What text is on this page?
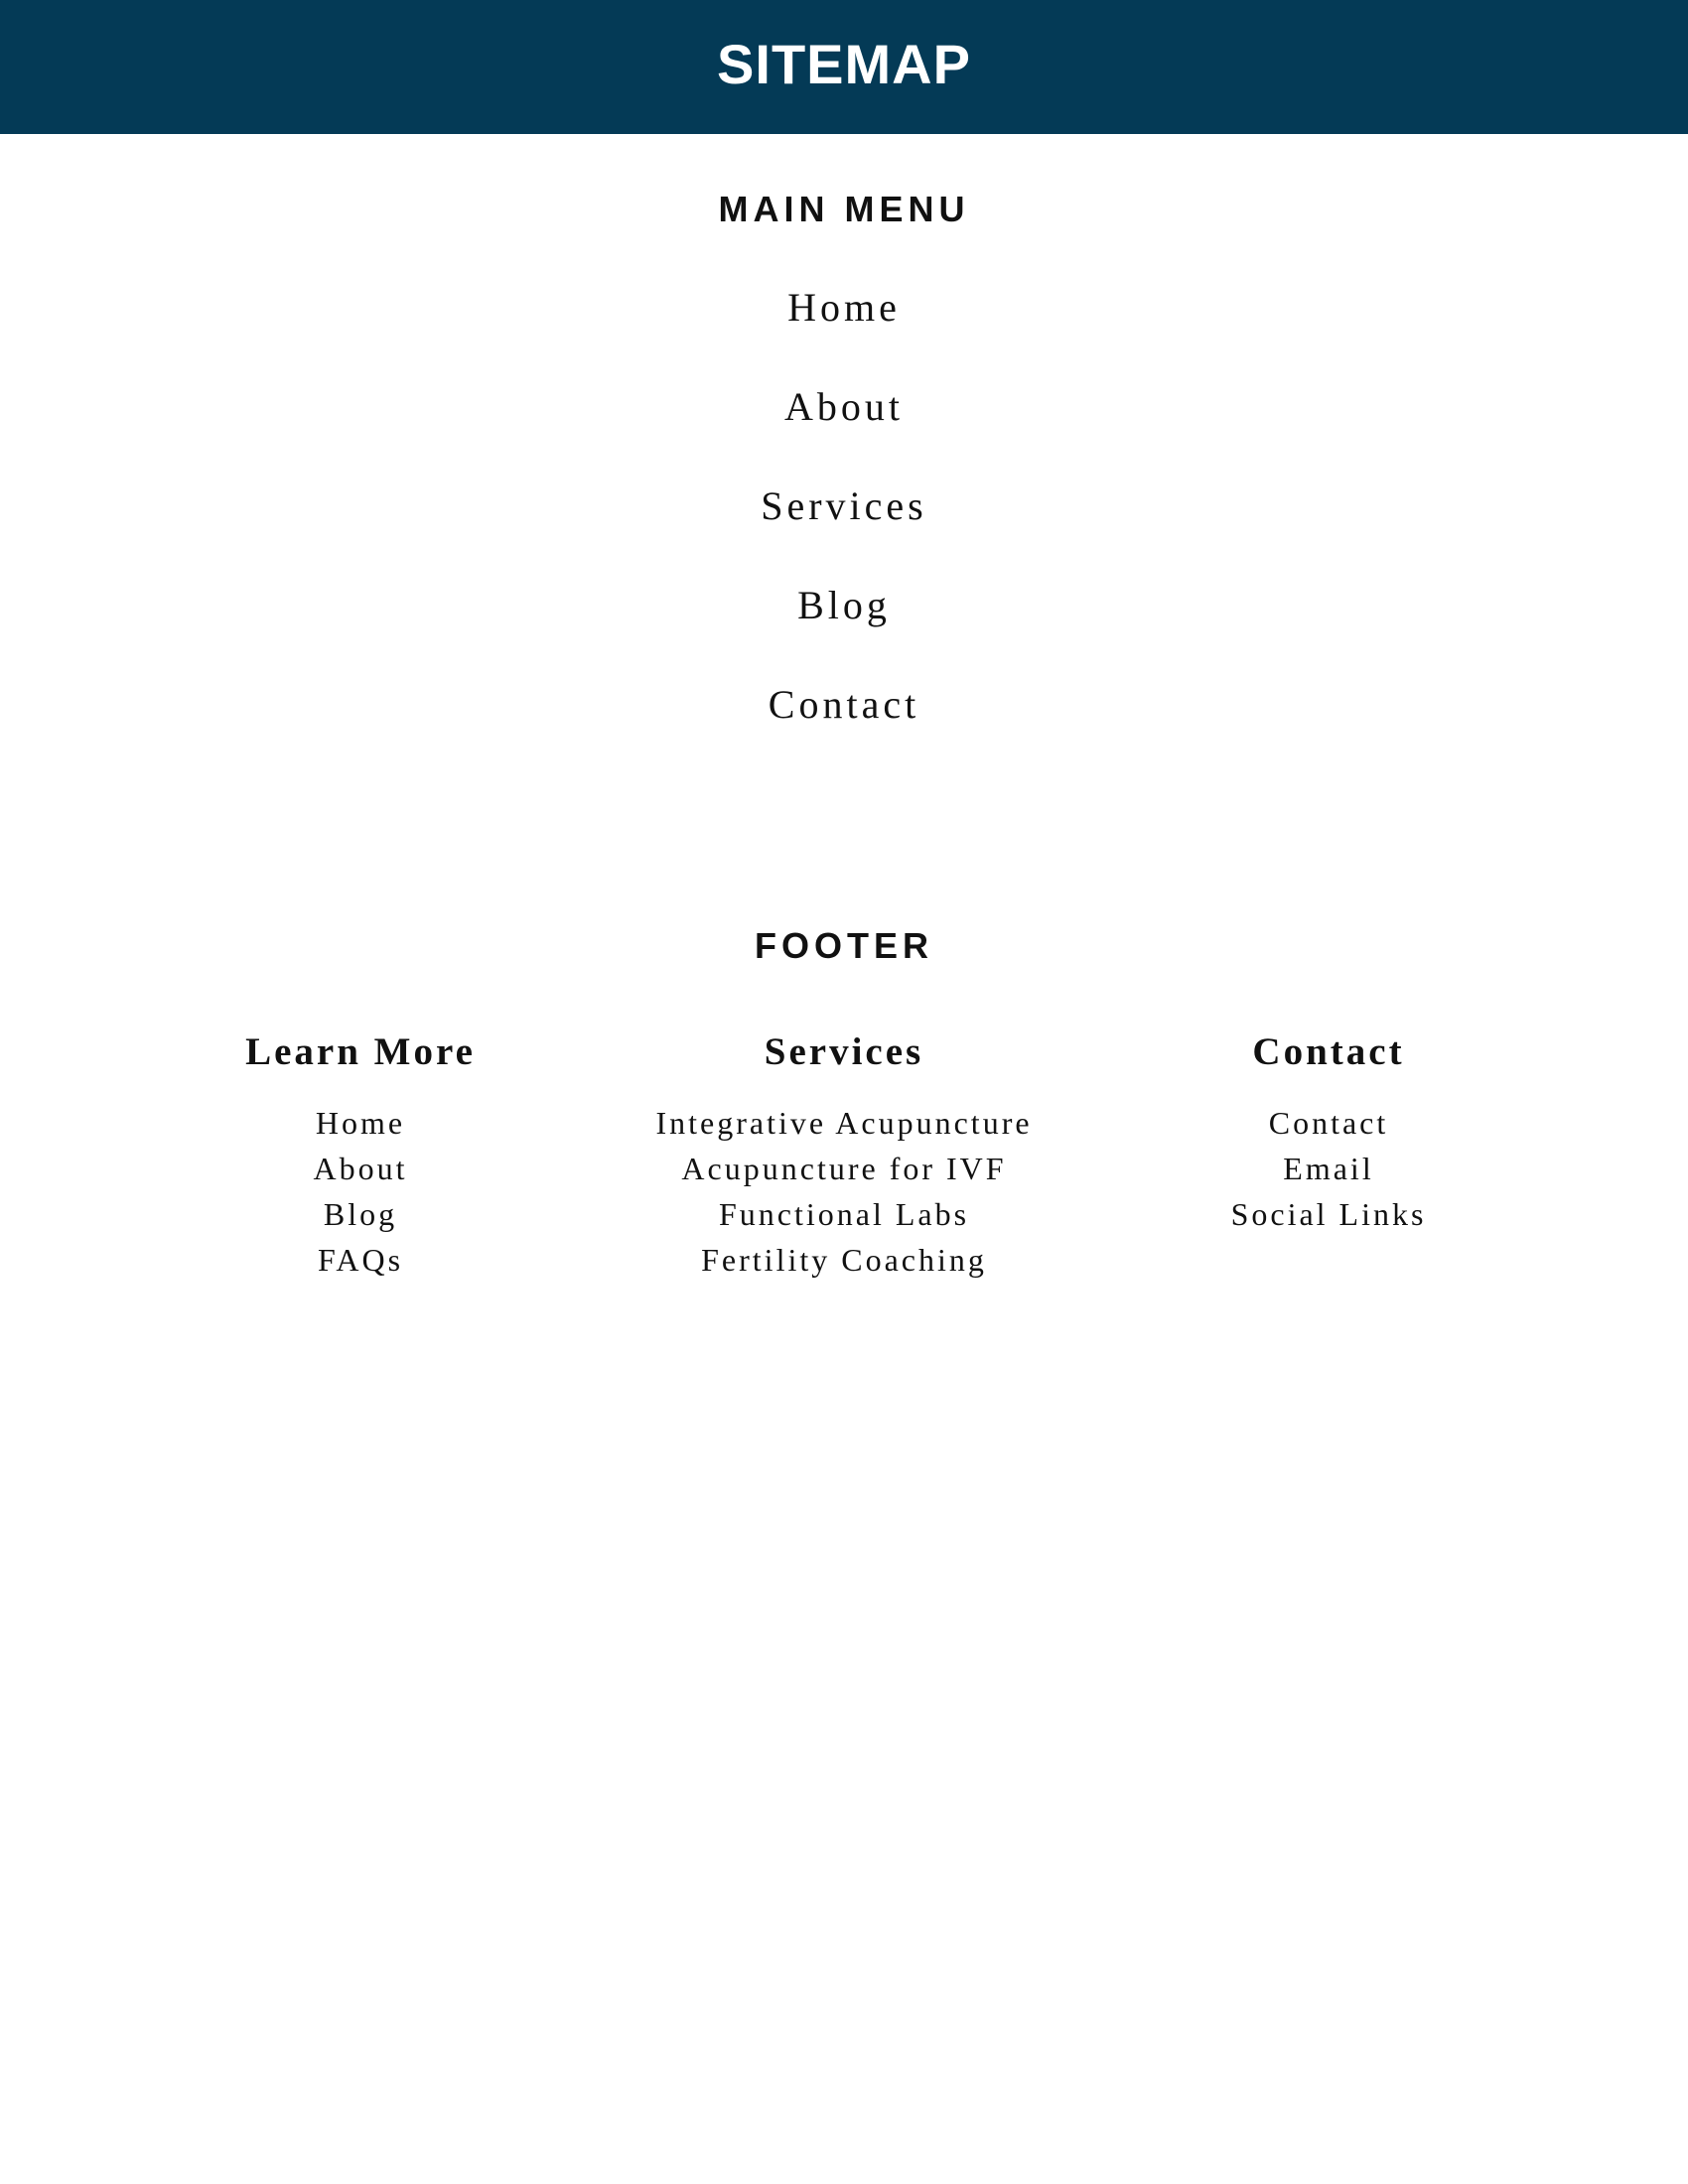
SITEMAP
MAIN MENU
Home
About
Services
Blog
Contact
FOOTER
Learn More
Home
About
Blog
FAQs
Services
Integrative Acupuncture
Acupuncture for IVF
Functional Labs
Fertility Coaching
Contact
Contact
Email
Social Links
